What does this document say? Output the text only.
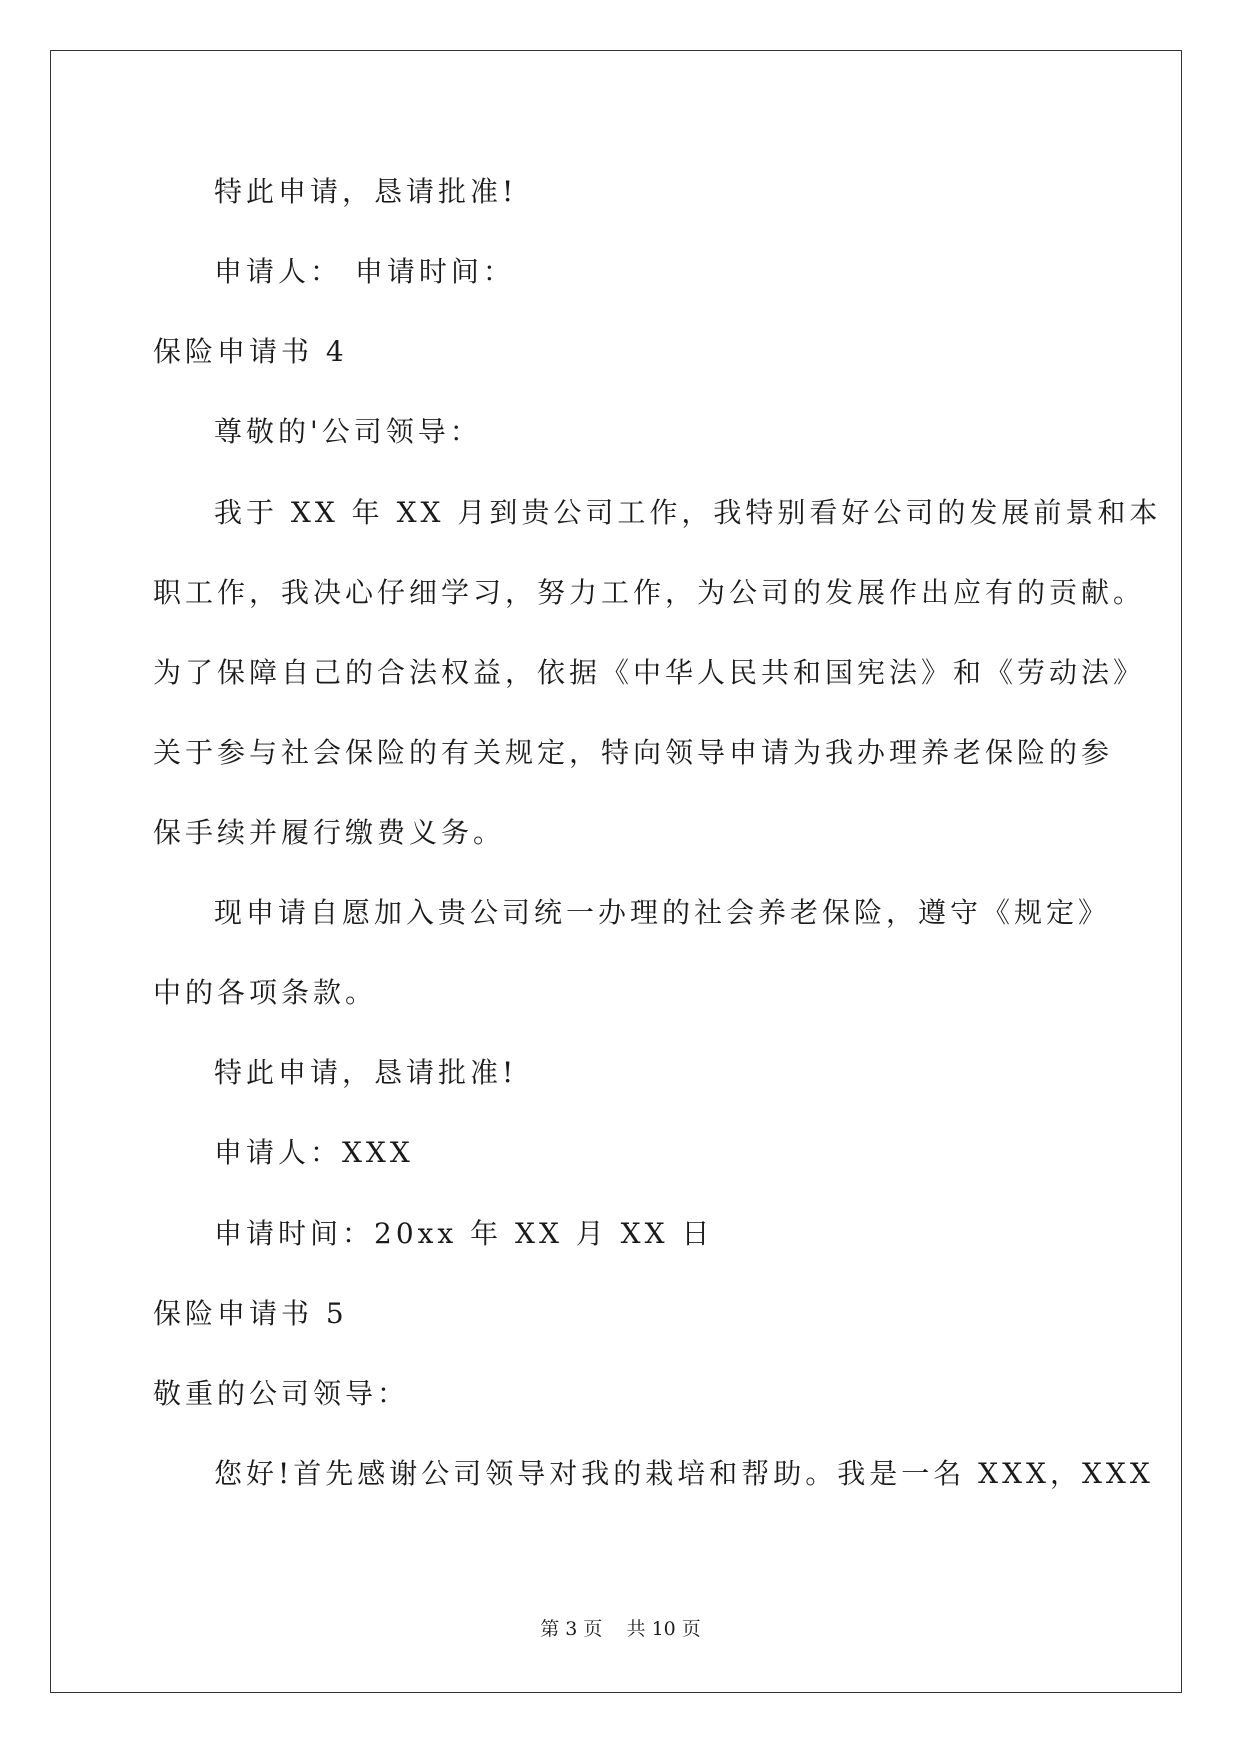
特此申请，恳请批准!
申请人： 申请时间：
保险申请书 4
尊敬的'公司领导：
我于 XX 年 XX 月到贵公司工作，我特别看好公司的发展前景和本
职工作，我决心仔细学习，努力工作，为公司的发展作出应有的贡献。
为了保障自己的合法权益，依据《中华人民共和国宪法》和《劳动法》
关于参与社会保险的有关规定，特向领导申请为我办理养老保险的参
保手续并履行缴费义务。
现申请自愿加入贵公司统一办理的社会养老保险，遵守《规定》
中的各项条款。
特此申请，恳请批准!
申请人：XXX
申请时间：20xx 年 XX 月 XX 日
保险申请书 5
敬重的公司领导：
您好!首先感谢公司领导对我的栽培和帮助。我是一名 XXX，XXX
第 3 页    共 10 页
